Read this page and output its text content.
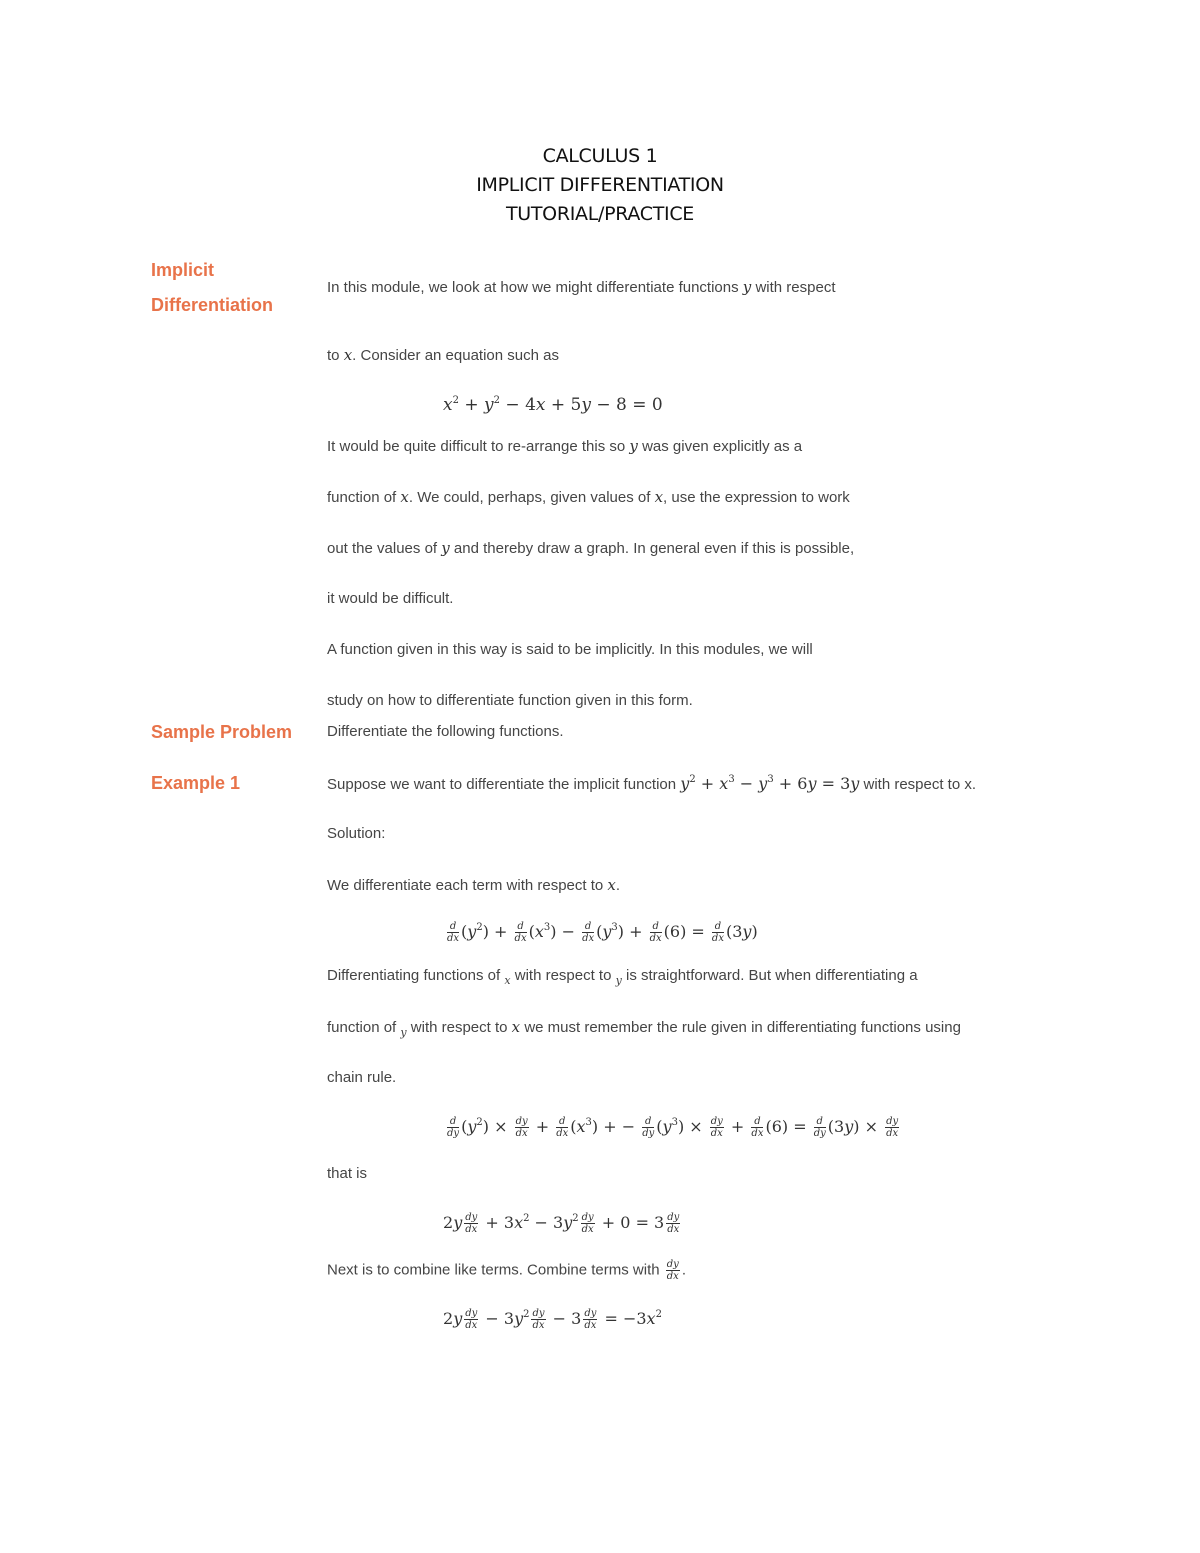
CALCULUS 1
IMPLICIT DIFFERENTIATION
TUTORIAL/PRACTICE
Implicit
Differentiation
Sample Problem
Example 1
In this module, we look at how we might differentiate functions y with respect
to x. Consider an equation such as
$x^2 + y^2 - 4x + 5y - 8 = 0$
It would be quite difficult to re-arrange this so y was given explicitly as a
function of x. We could, perhaps, given values of x, use the expression to work
out the values of y and thereby draw a graph. In general even if this is possible,
it would be difficult.
A function given in this way is said to be implicitly. In this modules, we will
study on how to differentiate function given in this form.
Differentiate the following functions.
Suppose we want to differentiate the implicit function $y^2 + x^3 - y^3 + 6y = 3y$ with respect to x.
Solution:
We differentiate each term with respect to x.
$\frac{d}{dx} (y^2) + \frac{d}{dx} (x^3) - \frac{d}{dx} (y^3) + \frac{d}{dx} (6) = \frac{d}{dx} (3y)$
Differentiating functions of $_x$ with respect to $_y$ is straightforward. But when differentiating a
function of $_y$ with respect to x we must remember the rule given in differentiating functions using
chain rule.
$\frac{d}{dy} (y^2) \times \frac{dy}{dx} + \frac{d}{dx} (x^3)$ + − $\frac{d}{dy} (y^3) \times \frac{dy}{dx} + \frac{d}{dx} (6) = \frac{d}{dy} (3y) \times \frac{dy}{dx}$
that is
$2y \frac{dy}{dx} + 3x^2 - 3y^2 \frac{dy}{dx} + 0 = 3 \frac{dy}{dx}$
Next is to combine like terms. Combine terms with $\frac{dy}{dx}$ .
$2y \frac{dy}{dx} - 3y^2 \frac{dy}{dx} - 3 \frac{dy}{dx} = -3x^2$
